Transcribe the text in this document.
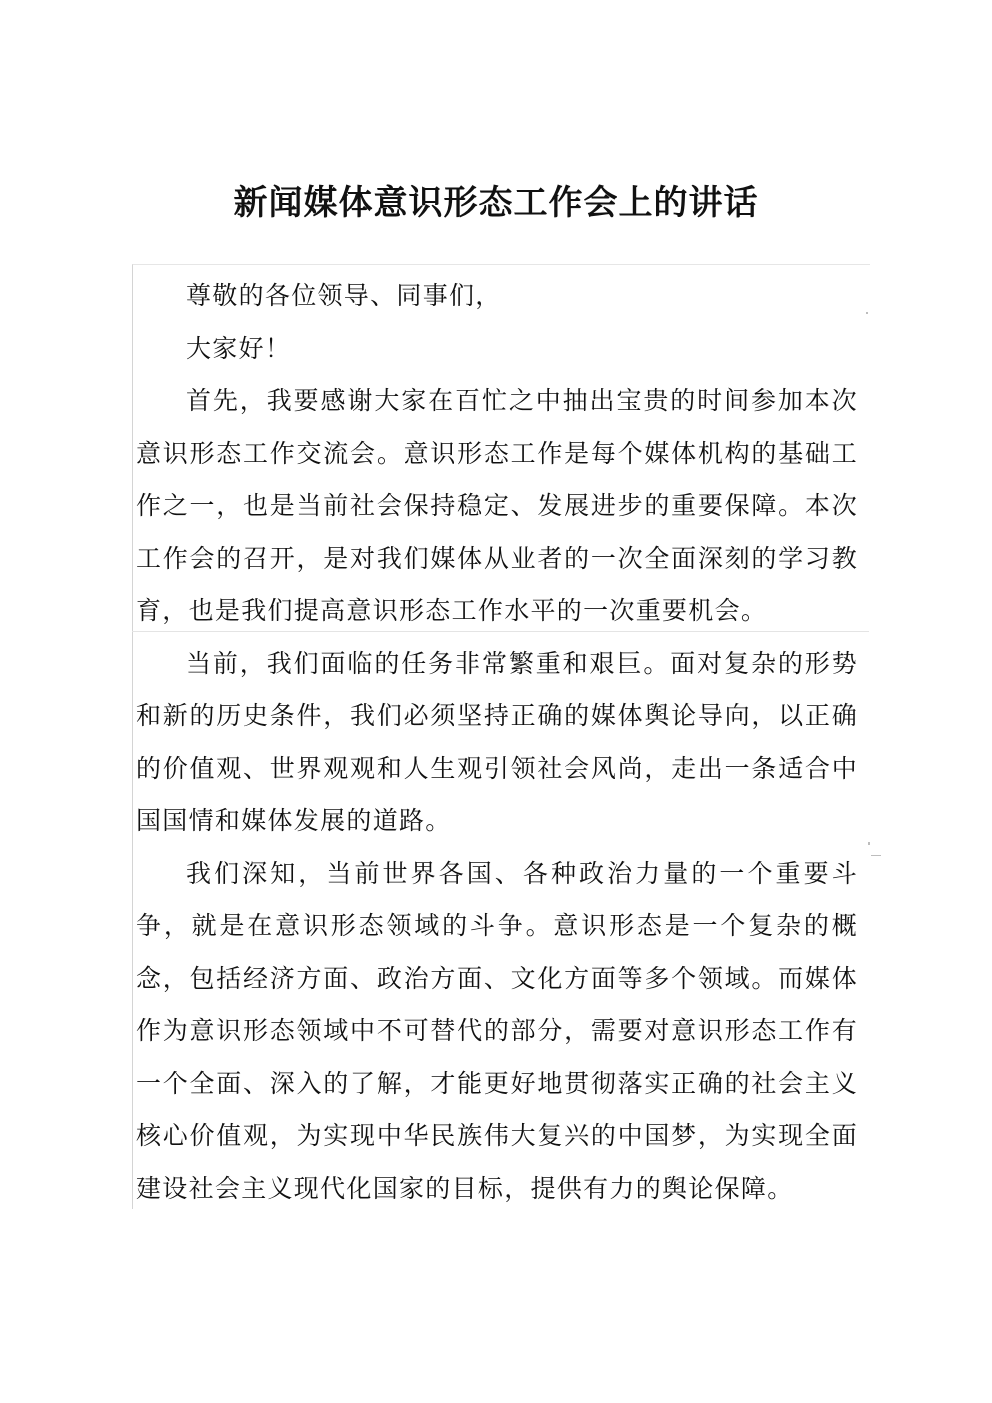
新闻媒体意识形态工作会上的讲话

尊敬的各位领导、同事们，

大家好！

首先，我要感谢大家在百忙之中抽出宝贵的时间参加本次意识形态工作交流会。意识形态工作是每个媒体机构的基础工作之一，也是当前社会保持稳定、发展进步的重要保障。本次工作会的召开，是对我们媒体从业者的一次全面深刻的学习教育，也是我们提高意识形态工作水平的一次重要机会。

当前，我们面临的任务非常繁重和艰巨。面对复杂的形势和新的历史条件，我们必须坚持正确的媒体舆论导向，以正确的价值观、世界观观和人生观引领社会风尚，走出一条适合中国国情和媒体发展的道路。

我们深知，当前世界各国、各种政治力量的一个重要斗争，就是在意识形态领域的斗争。意识形态是一个复杂的概念，包括经济方面、政治方面、文化方面等多个领域。而媒体作为意识形态领域中不可替代的部分，需要对意识形态工作有一个全面、深入的了解，才能更好地贯彻落实正确的社会主义核心价值观，为实现中华民族伟大复兴的中国梦，为实现全面建设社会主义现代化国家的目标，提供有力的舆论保障。
